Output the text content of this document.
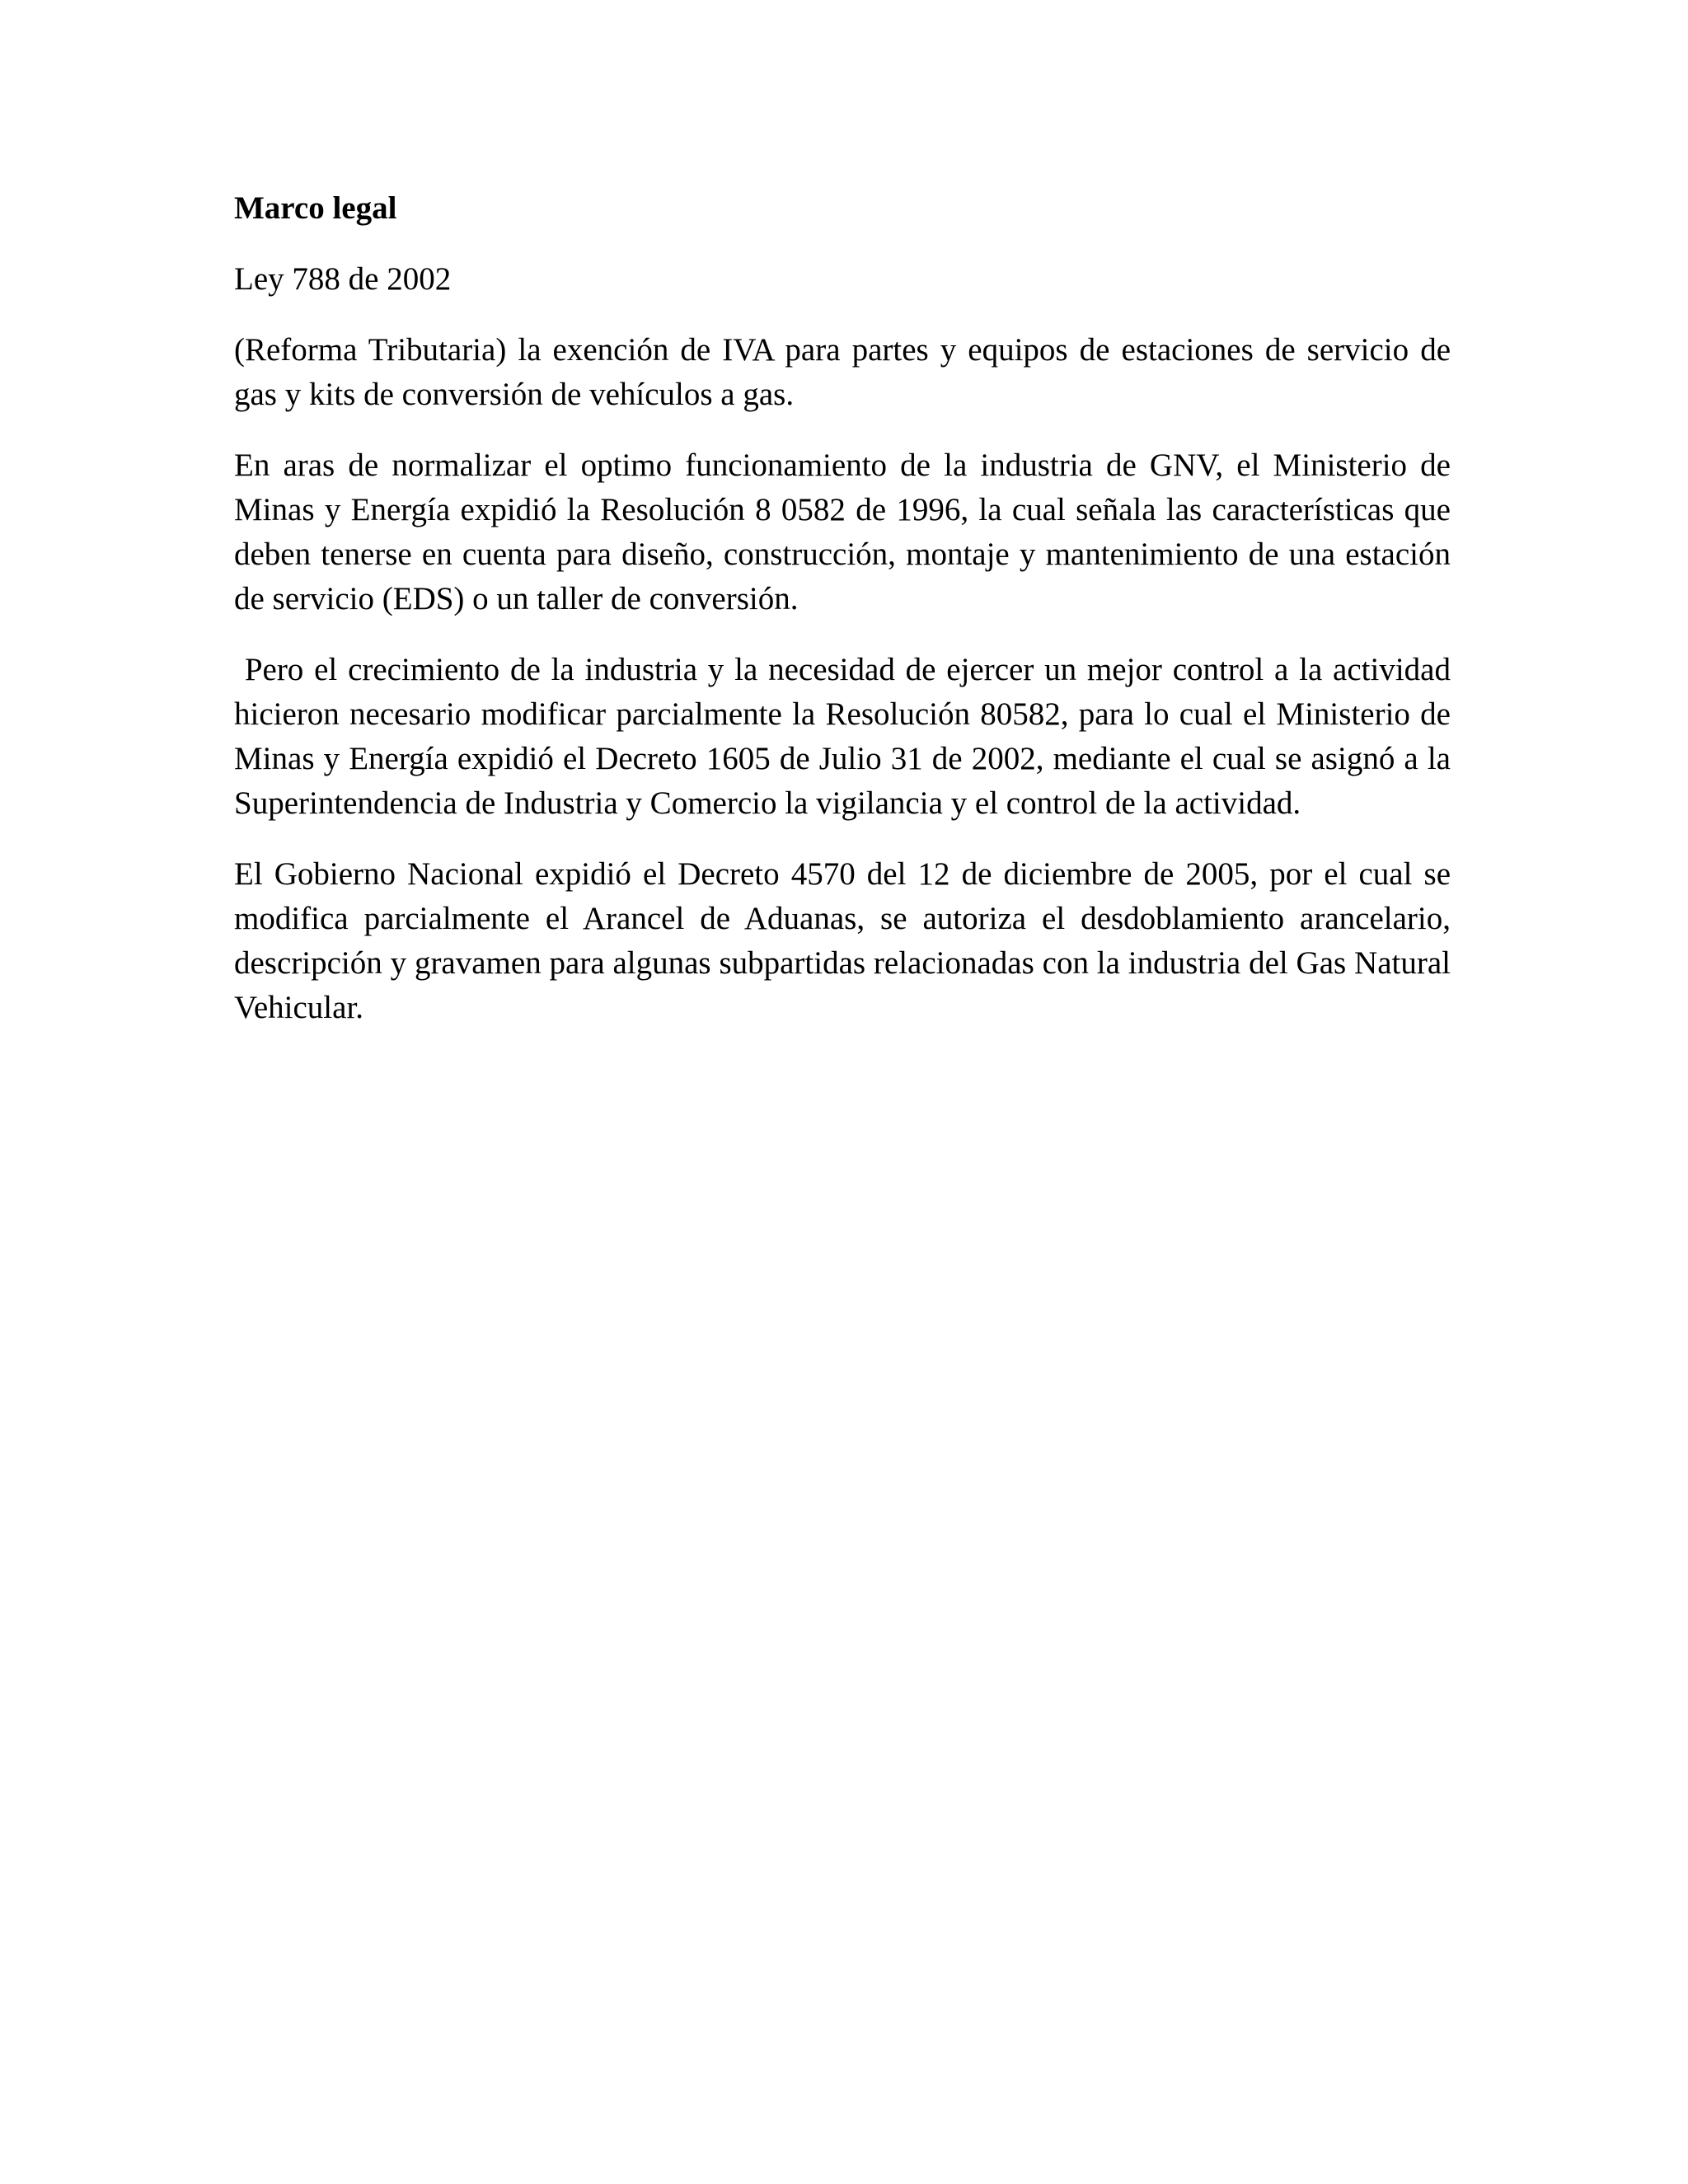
Marco legal

Ley 788 de 2002

(Reforma Tributaria) la exención de IVA para partes y equipos de estaciones de servicio de gas y kits de conversión de vehículos a gas.

En aras de normalizar el optimo funcionamiento de la industria de GNV, el Ministerio de Minas y Energía expidió la Resolución 8 0582 de 1996, la cual señala las características que deben tenerse en cuenta para diseño, construcción, montaje y mantenimiento de una estación de servicio (EDS) o un taller de conversión.

Pero el crecimiento de la industria y la necesidad de ejercer un mejor control a la actividad hicieron necesario modificar parcialmente la Resolución 80582, para lo cual el Ministerio de Minas y Energía expidió el Decreto 1605 de Julio 31 de 2002, mediante el cual se asignó a la Superintendencia de Industria y Comercio la vigilancia y el control de la actividad.

El Gobierno Nacional expidió el Decreto 4570 del 12 de diciembre de 2005, por el cual se modifica parcialmente el Arancel de Aduanas, se autoriza el desdoblamiento arancelario, descripción y gravamen para algunas subpartidas relacionadas con la industria del Gas Natural Vehicular.
